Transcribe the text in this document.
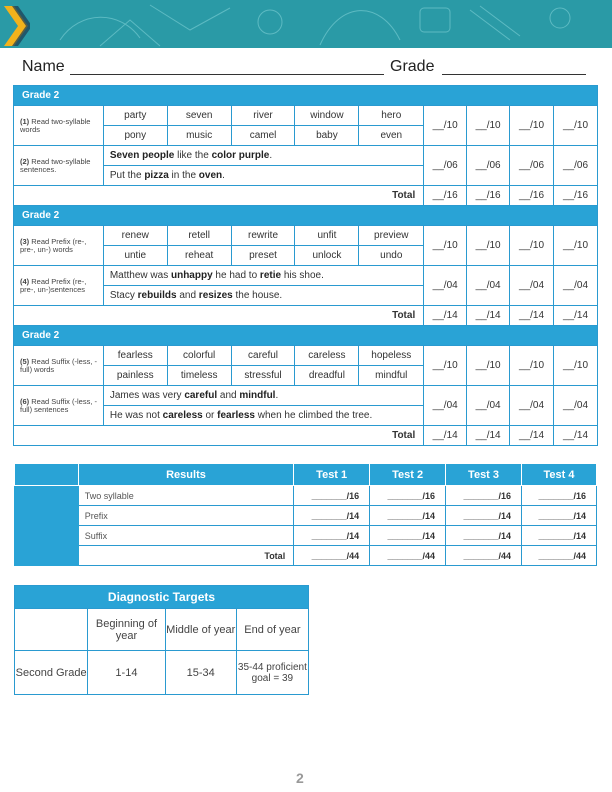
Name	Grade
Grade 2									
(1) Read two-syllable words	party	seven	river	window	hero	__/10	__/10	__/10	__/10
	pony	music	camel	baby	even				
(2) Read two-syllable sentences.	Seven people like the color purple.					__/06	__/06	__/06	__/06
	Put the pizza in the oven.								
Total						__/16	__/16	__/16	__/16
Grade 2									
(3) Read Prefix (re-, pre-, un-) words	renew	retell	rewrite	unfit	preview	__/10	__/10	__/10	__/10
	untie	reheat	preset	unlock	undo				
(4) Read Prefix (re-, pre-, un-)sentences	Matthew was unhappy he had to retie his shoe.					__/04	__/04	__/04	__/04
	Stacy rebuilds and resizes the house.								
Total						__/14	__/14	__/14	__/14
Grade 2									
(5) Read Suffix (-less, -full) words	fearless	colorful	careful	careless	hopeless	__/10	__/10	__/10	__/10
	painless	timeless	stressful	dreadful	mindful				
(6) Read Suffix (-less, -full) sentences	James was very careful and mindful.					__/04	__/04	__/04	__/04
	He was not careless or fearless when he climbed the tree.								
Total						__/14	__/14	__/14	__/14
	Results	Test 1	Test 2	Test 3	Test 4
	Two syllable	_______/16	_______/16	_______/16	_______/16
	Prefix	_______/14	_______/14	_______/14	_______/14
	Suffix	_______/14	_______/14	_______/14	_______/14
	Total	_______/44	_______/44	_______/44	_______/44
Diagnostic Targets			
	Beginning of year	Middle of year	End of year
Second Grade	1-14	15-34	35-44 proficient goal = 39
2
